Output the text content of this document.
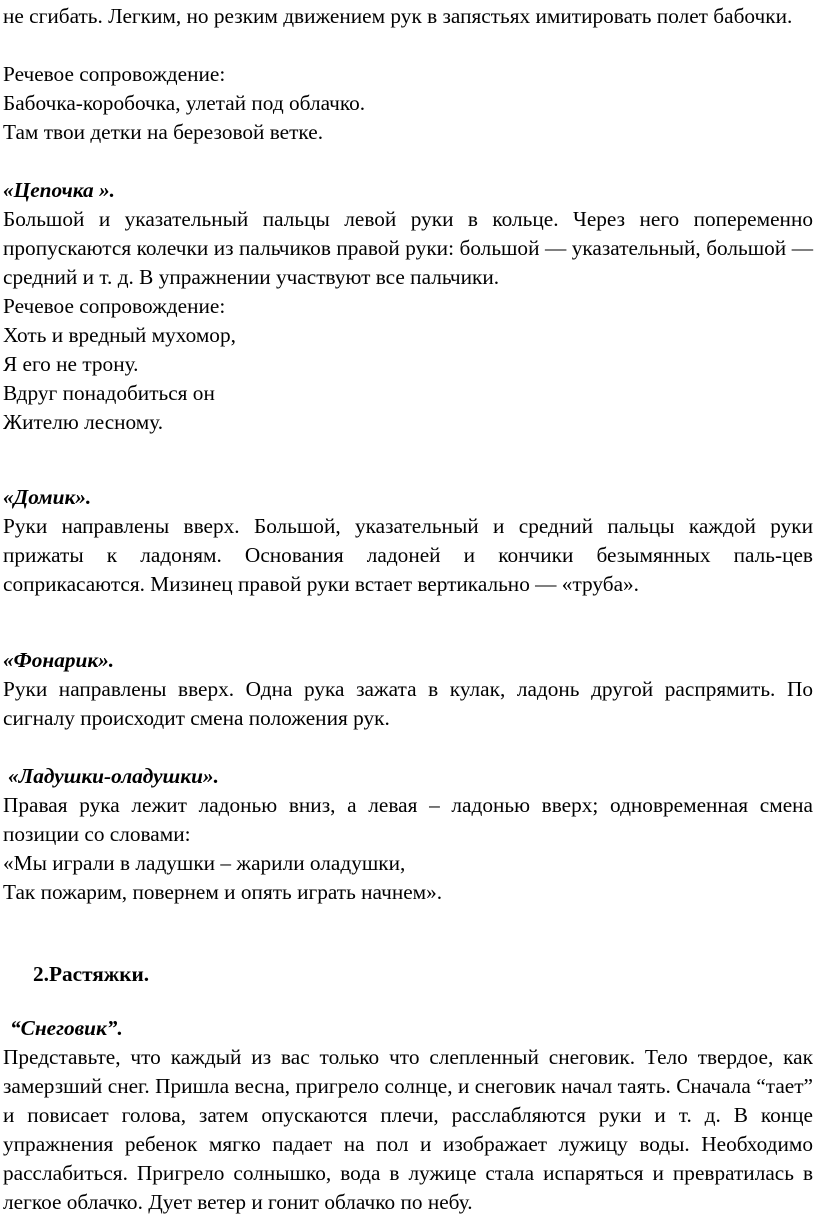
не сгибать. Легким, но резким движением рук в запястьях имитировать полет бабочки.

Речевое сопровождение:

Бабочка-коробочка, улетай под облачко.

Там твои детки на березовой ветке.

«Цепочка ».

Большой и указательный пальцы левой руки в кольце. Через него попеременно пропускаются колечки из пальчиков правой руки: большой — указательный, большой — средний и т. д. В упражнении участвуют все пальчики.

Речевое сопровождение:

Хоть и вредный мухомор,

Я его не трону.

Вдруг понадобиться он

Жителю лесному.

«Домик».

Руки направлены вверх. Большой, указательный и средний пальцы каждой руки прижаты к ладоням. Основания ладоней и кончики безымянных паль-цев соприкасаются. Мизинец правой руки встает вертикально — «труба».

«Фонарик».

Руки направлены вверх. Одна рука зажата в кулак, ладонь другой распрямить. По сигналу происходит смена положения рук.

«Ладушки-оладушки».

Правая рука лежит ладонью вниз, а левая – ладонью вверх; одновременная смена позиции со словами:

«Мы играли в ладушки – жарили оладушки,

Так пожарим, повернем и опять играть начнем».

2.Растяжки.

“Снеговик”.

Представьте, что каждый из вас только что слепленный снеговик. Тело твердое, как замерзший снег. Пришла весна, пригрело солнце, и снеговик начал таять. Сначала “тает” и повисает голова, затем опускаются плечи, расслабляются руки и т. д. В конце упражнения ребенок мягко падает на пол и изображает лужицу воды. Необходимо расслабиться. Пригрело солнышко, вода в лужице стала испаряться и превратилась в легкое облачко. Дует ветер и гонит облачко по небу.
